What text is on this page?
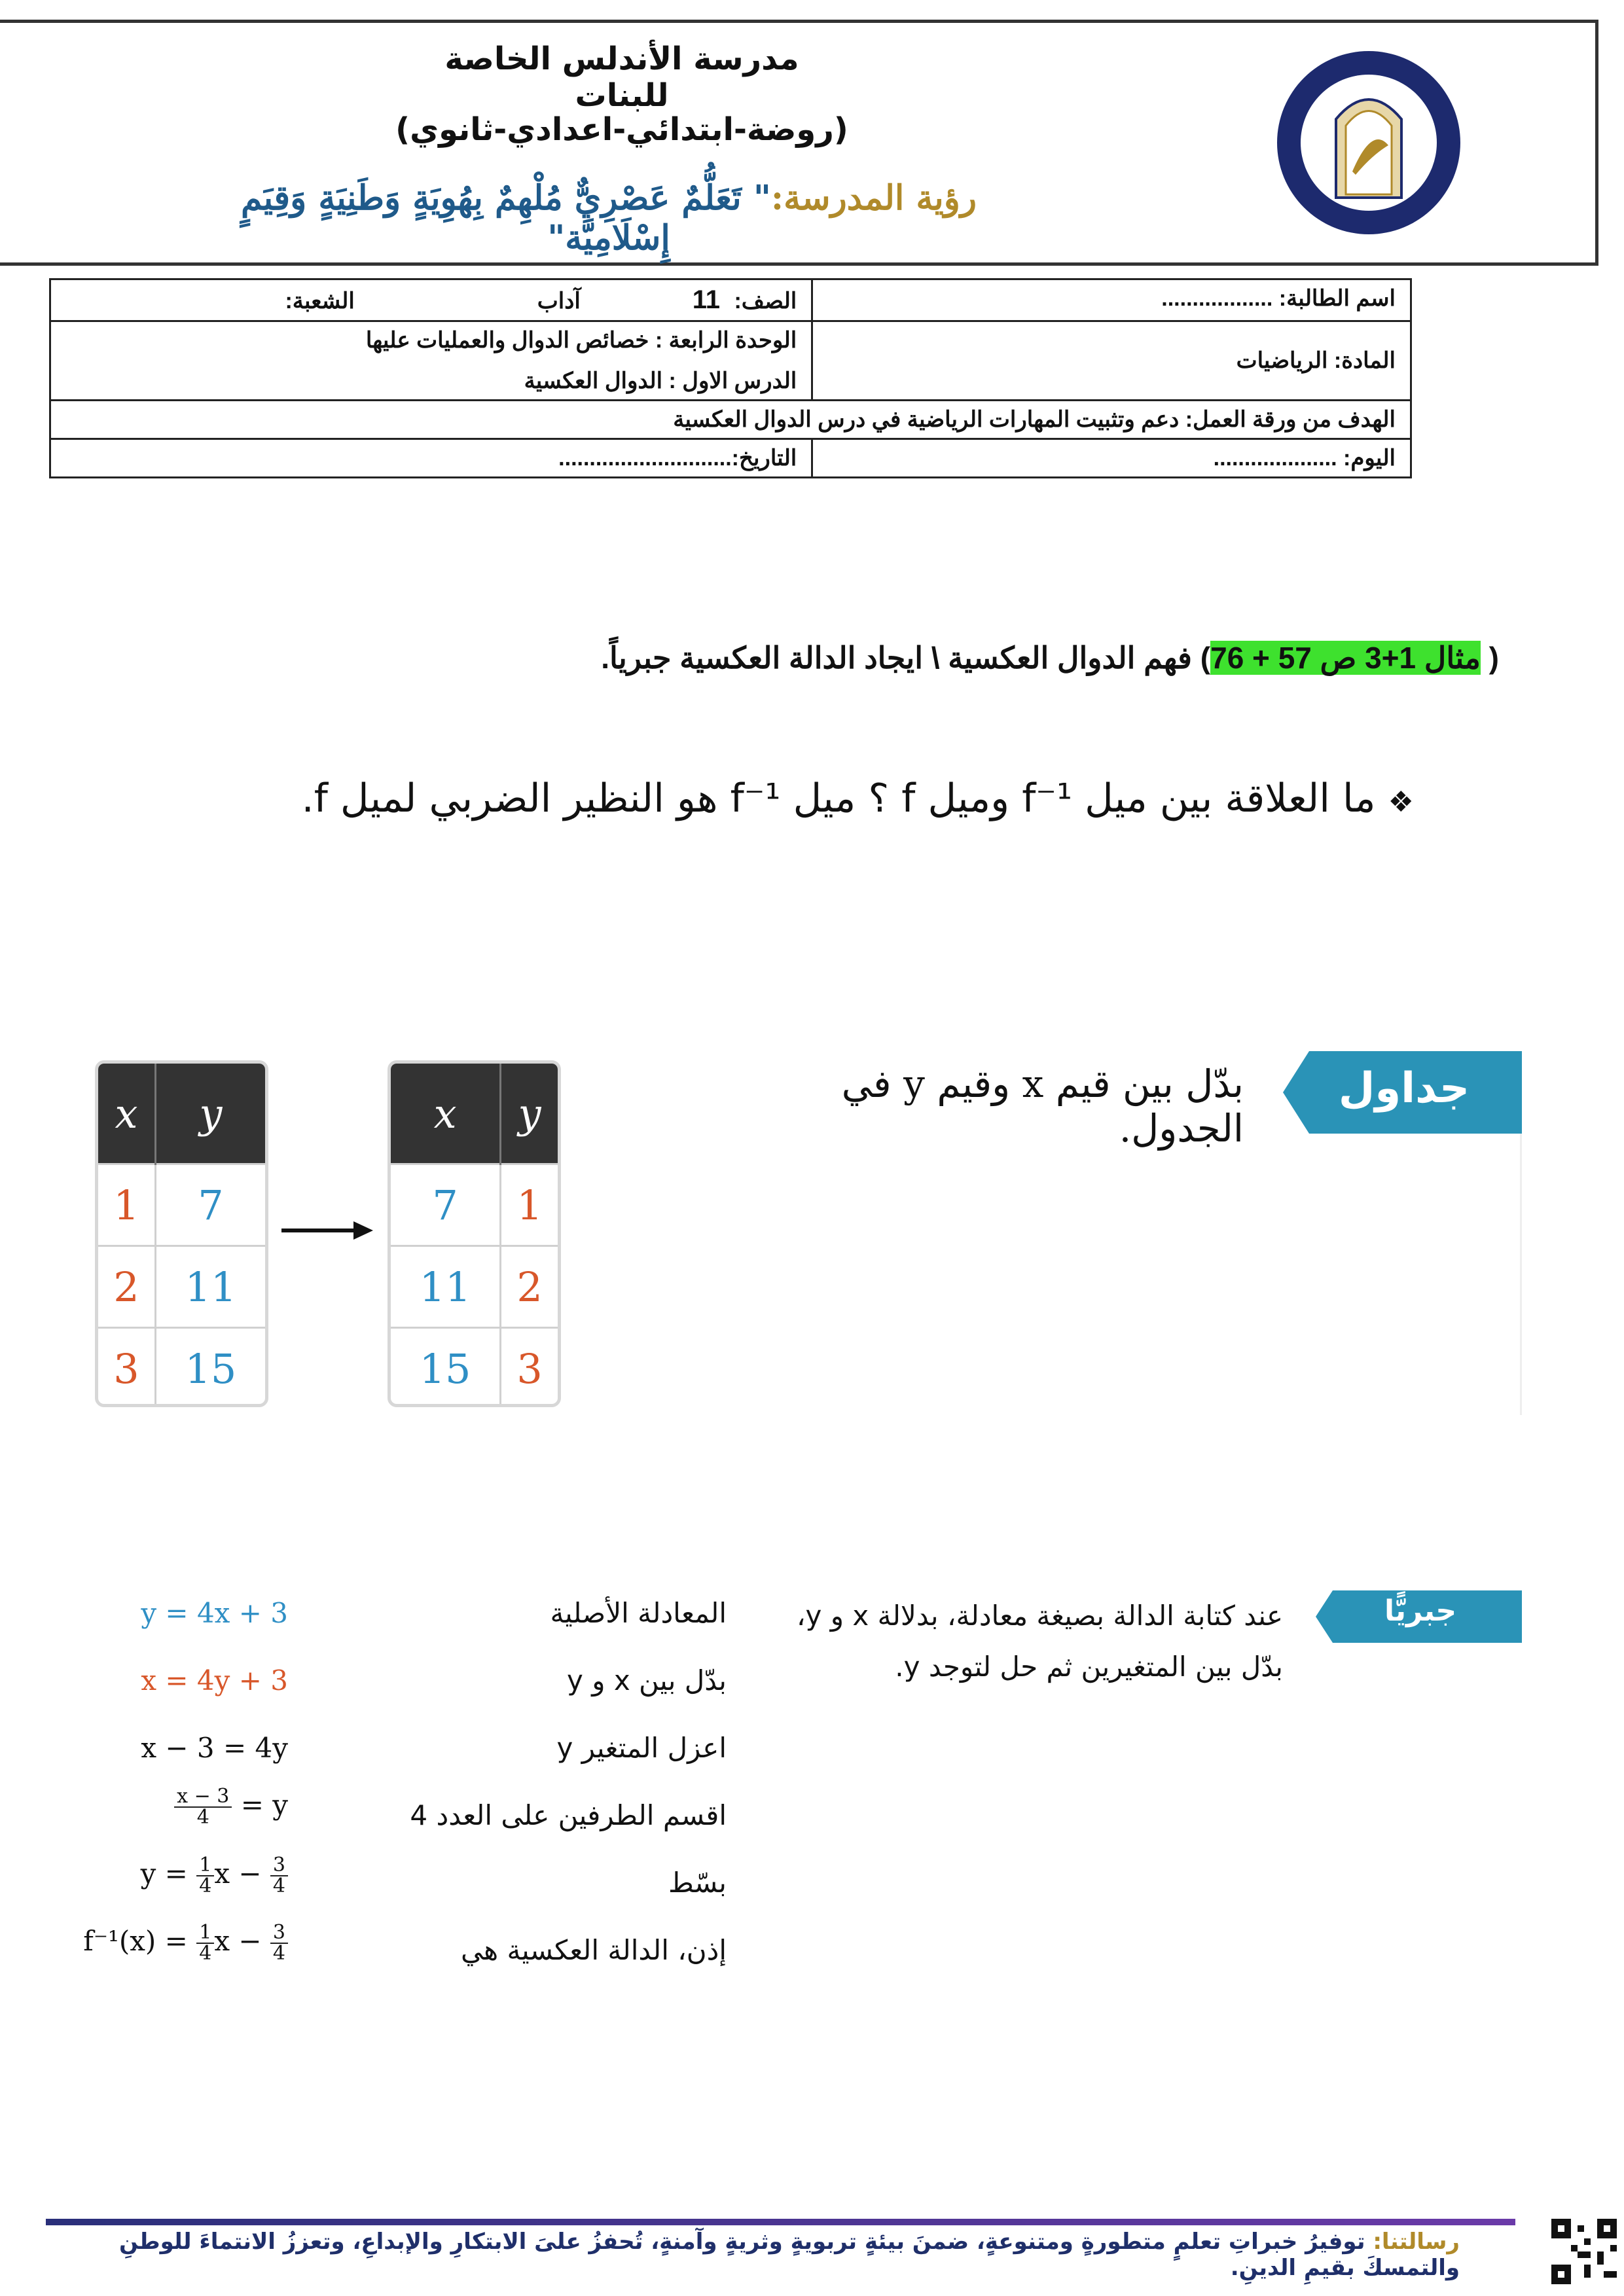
مدرسة الأندلس الخاصة للبنات
(روضة-ابتدائي-اعدادي-ثانوي)
رؤية المدرسة:" تَعَلُّمٌ عَصْرِيٌّ مُلْهِمٌ بِهُوِيَةٍ وَطَنِيَةٍ وَقِيَمٍ إِسْلَامِيَّة"
اسم الطالبة: ..................	الصف: 11  آداب  الشعبة:
المادة: الرياضيات	الوحدة الرابعة : خصائص الدوال والعمليات عليها
الدرس الاول : الدوال العكسية

الهدف من ورقة العمل: دعم وتثبيت المهارات الرياضية في درس الدوال العكسية	
اليوم: ....................	التاريخ:............................
( مثال 1+3 ص 57 + 76) فهم الدوال العكسية \ ايجاد الدالة العكسية جبرياً.
❖ ما العلاقة بين ميل f⁻¹ وميل f ؟ ميل f⁻¹ هو النظير الضربي لميل f.
جداول
بدّل بين قيم x وقيم y في الجدول.
x	y
1	7
2	11
3	15
x	y
7	1
11	2
15	3
جبريًّا
عند كتابة الدالة بصيغة معادلة، بدلالة x و y،
بدّل بين المتغيرين ثم حل لتوجد y.
المعادلة الأصلية
y = 4x + 3
بدّل بين x و y
x = 4y + 3
اعزل المتغير y
x − 3 = 4y
اقسم الطرفين على العدد 4
$\frac{x - 3}{4} = y$
بسّط
$y = \frac{1}{4}$ $x - \frac{3}{4}$
إذن، الدالة العكسية هي
$f^{-1}(x) = \frac{1}{4}$ $x - \frac{3}{4}$
رسالتنا: توفيرُ خبراتِ تعلمٍ متطورةٍ ومتنوعةٍ، ضمنَ بيئةٍ تربويةٍ وثريةٍ وآمنةٍ، تُحفزُ علىَ الابتكارِ والإبداعِ، وتعززُ الانتماءَ للوطنِ والتمسكَ بقيمِ الدينِ.
